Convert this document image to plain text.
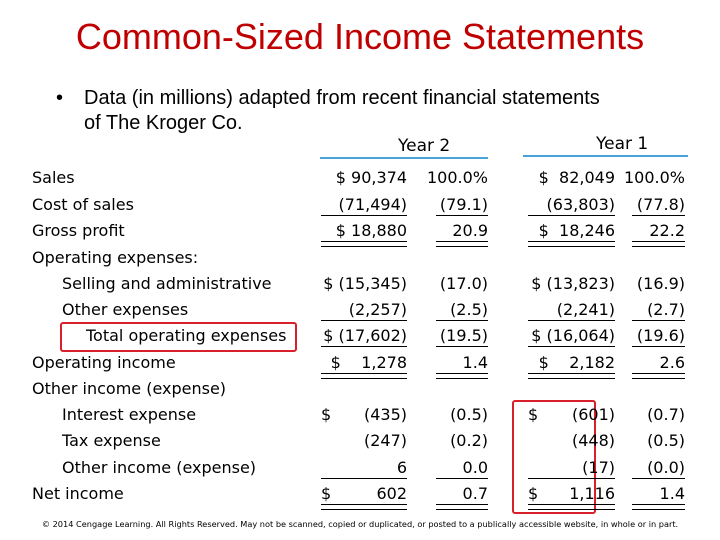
Common-Sized Income Statements
• Data (in millions) adapted from recent financial statements of The Kroger Co.
Year 2	Year 1
Sales
Cost of sales
Gross profit
Operating expenses:
Selling and administrative
Other expenses
Total operating expenses
Operating income
Other income (expense)
Interest expense
Tax expense
Other income (expense)
Net income
$ 90,374
(71,494)
$ 18,880
$ (15,345)
(2,257)
$ (17,602)
$    1,278
$ (435)
(247)
6
$	602
100.0%
(79.1)
20.9
(17.0)
(2.5)
(19.5)
1.4
(0.5)
(0.2)
0.0
0.7
$  82,049
(63,803)
$  18,246
$ (13,823)
(2,241)
$ (16,064)
$    2,182
$ (601)
(448)
(17)
$ 1,116
100.0%
(77.8)
22.2
(16.9)
(2.7)
(19.6)
2.6
(0.7)
(0.5)
(0.0)
1.4
© 2014 Cengage Learning. All Rights Reserved. May not be scanned, copied or duplicated, or posted to a publically accessible website, in whole or in part.
